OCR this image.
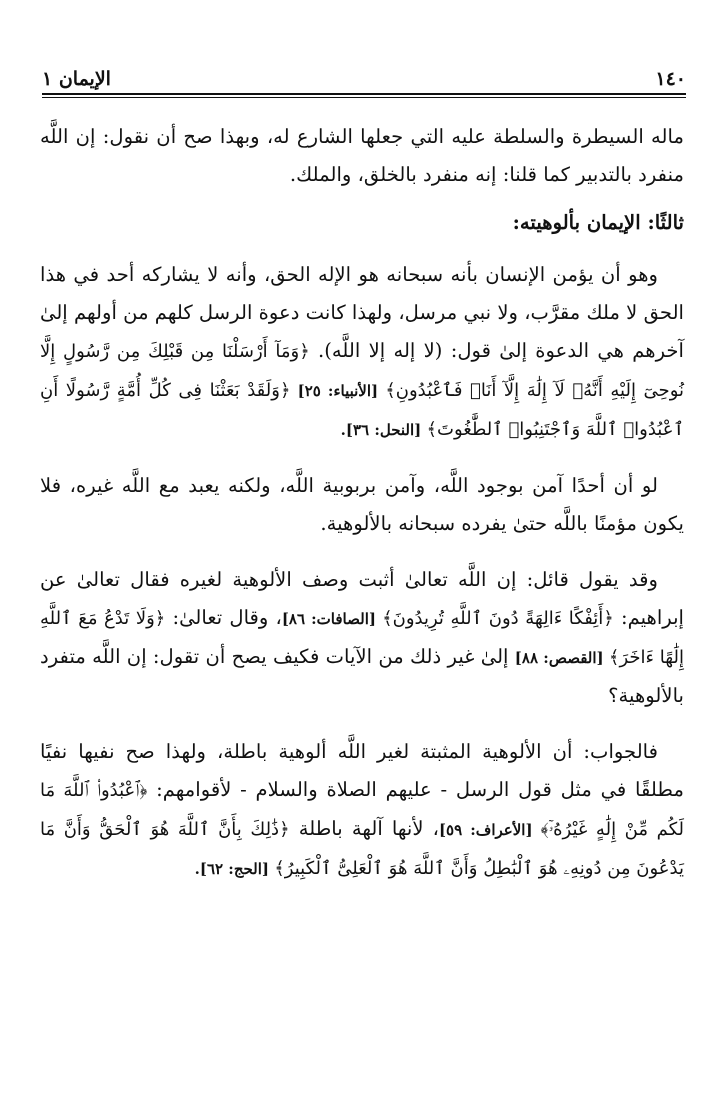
١٤٠
الإيمان ١

ماله السيطرة والسلطة عليه التي جعلها الشارع له، وبهذا صح أن نقول: إن اللَّه منفرد بالتدبير كما قلنا: إنه منفرد بالخلق، والملك.

ثالثًا: الإيمان بألوهيته:

وهو أن يؤمن الإنسان بأنه سبحانه هو الإله الحق، وأنه لا يشاركه أحد في هذا الحق لا ملك مقرَّب، ولا نبي مرسل، ولهذا كانت دعوة الرسل كلهم من أولهم إلىٰ آخرهم هي الدعوة إلىٰ قول: (لا إله إلا اللَّه). ﴿وَمَآ أَرْسَلْنَا مِن قَبْلِكَ مِن رَّسُولٍ إِلَّا نُوحِىٓ إِلَيْهِ أَنَّهُۥ لَآ إِلَٰهَ إِلَّآ أَنَا۠ فَٱعْبُدُونِ﴾ [الأنبياء: ٢٥] ﴿وَلَقَدْ بَعَثْنَا فِى كُلِّ أُمَّةٍ رَّسُولًا أَنِ ٱعْبُدُوا۟ ٱللَّهَ وَٱجْتَنِبُوا۟ ٱلطَّٰغُوتَ﴾ [النحل: ٣٦].

لو أن أحدًا آمن بوجود اللَّه، وآمن بربوبية اللَّه، ولكنه يعبد مع اللَّه غيره، فلا يكون مؤمنًا باللَّه حتىٰ يفرده سبحانه بالألوهية.

وقد يقول قائل: إن اللَّه تعالىٰ أثبت وصف الألوهية لغيره فقال تعالىٰ عن إبراهيم: ﴿أَئِفْكًا ءَالِهَةً دُونَ ٱللَّهِ تُرِيدُونَ﴾ [الصافات: ٨٦]، وقال تعالىٰ: ﴿وَلَا تَدْعُ مَعَ ٱللَّهِ إِلَٰهًا ءَاخَرَ﴾ [القصص: ٨٨] إلىٰ غير ذلك من الآيات فكيف يصح أن تقول: إن اللَّه متفرد بالألوهية؟

فالجواب: أن الألوهية المثبتة لغير اللَّه ألوهية باطلة، ولهذا صح نفيها نفيًا مطلقًا في مثل قول الرسل - عليهم الصلاة والسلام - لأقوامهم: ﴿ٱعْبُدُوا۟ ٱللَّهَ مَا لَكُم مِّنْ إِلَٰهٍ غَيْرُهُۥٓ﴾ [الأعراف: ٥٩]، لأنها آلهة باطلة ﴿ذَٰلِكَ بِأَنَّ ٱللَّهَ هُوَ ٱلْحَقُّ وَأَنَّ مَا يَدْعُونَ مِن دُونِهِۦ هُوَ ٱلْبَٰطِلُ وَأَنَّ ٱللَّهَ هُوَ ٱلْعَلِىُّ ٱلْكَبِيرُ﴾ [الحج: ٦٢].
